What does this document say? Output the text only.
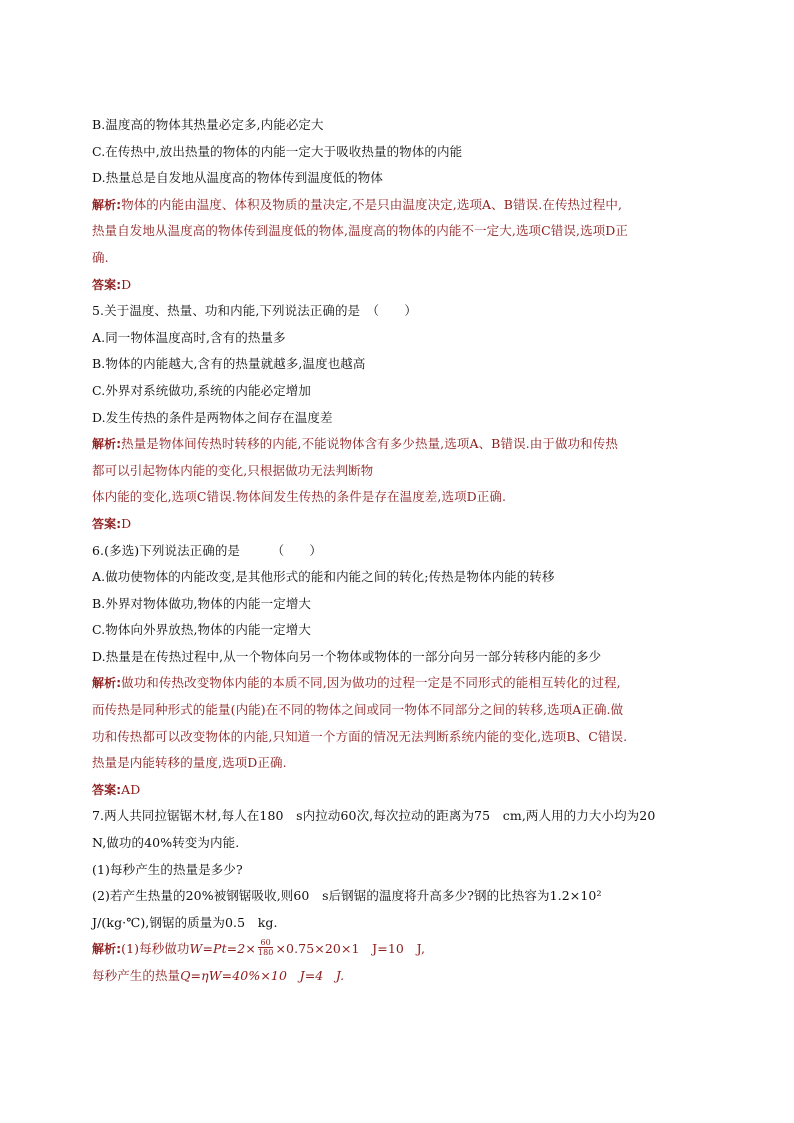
B.温度高的物体其热量必定多,内能必定大
C.在传热中,放出热量的物体的内能一定大于吸收热量的物体的内能
D.热量总是自发地从温度高的物体传到温度低的物体
解析:物体的内能由温度、体积及物质的量决定,不是只由温度决定,选项A、B错误.在传热过程中,
热量自发地从温度高的物体传到温度低的物体,温度高的物体的内能不一定大,选项C错误,选项D正
确.
答案:D
5.关于温度、热量、功和内能,下列说法正确的是　（　　）
A.同一物体温度高时,含有的热量多
B.物体的内能越大,含有的热量就越多,温度也越高
C.外界对系统做功,系统的内能必定增加
D.发生传热的条件是两物体之间存在温度差
解析:热量是物体间传热时转移的内能,不能说物体含有多少热量,选项A、B错误.由于做功和传热
都可以引起物体内能的变化,只根据做功无法判断物
体内能的变化,选项C错误.物体间发生传热的条件是存在温度差,选项D正确.
答案:D
6.(多选)下列说法正确的是　　　（　　）
A.做功使物体的内能改变,是其他形式的能和内能之间的转化;传热是物体内能的转移
B.外界对物体做功,物体的内能一定增大
C.物体向外界放热,物体的内能一定增大
D.热量是在传热过程中,从一个物体向另一个物体或物体的一部分向另一部分转移内能的多少
解析:做功和传热改变物体内能的本质不同,因为做功的过程一定是不同形式的能相互转化的过程,
而传热是同种形式的能量(内能)在不同的物体之间或同一物体不同部分之间的转移,选项A正确.做
功和传热都可以改变物体的内能,只知道一个方面的情况无法判断系统内能的变化,选项B、C错误.
热量是内能转移的量度,选项D正确.
答案:AD
7.两人共同拉锯锯木材,每人在180　s内拉动60次,每次拉动的距离为75　cm,两人用的力大小均为20
N,做功的40%转变为内能.
(1)每秒产生的热量是多少?
(2)若产生热量的20%被钢锯吸收,则60　s后钢锯的温度将升高多少?钢的比热容为1.2×10²
J/(kg·℃),钢锯的质量为0.5　kg.
解析:(1)每秒做功$W=Pt=2\times \frac{60}{180} \times 0.75\times 20\times 1$　J=10　J,
每秒产生的热量Q=ηW=40%×10　J=4　J.
